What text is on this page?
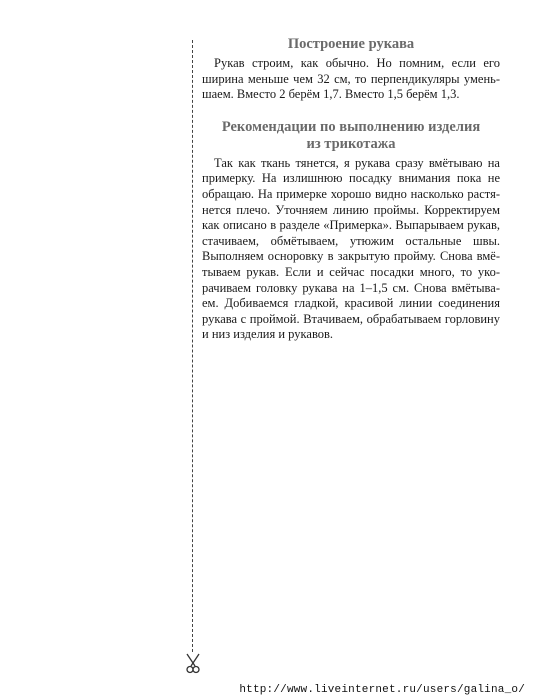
Построение рукава

Рукав строим, как обычно. Но помним, если его
ширина меньше чем 32 см, то перпендикуляры умень-
шаем. Вместо 2 берём 1,7. Вместо 1,5 берём 1,3.

Рекомендации по выполнению изделия
из трикотажа

Так как ткань тянется, я рукава сразу вмётываю на
примерку. На излишнюю посадку внимания пока не
обращаю. На примерке хорошо видно насколько растя-
нется плечо. Уточняем линию проймы. Корректируем
как описано в разделе «Примерка». Выпарываем рукав,
стачиваем, обмётываем, утюжим остальные швы.
Выполняем осноровку в закрытую пройму. Снова вмё-
тываем рукав. Если и сейчас посадки много, то уко-
рачиваем головку рукава на 1–1,5 см. Снова вмётыва-
ем. Добиваемся гладкой, красивой линии соединения
рукава с проймой. Втачиваем, обрабатываем горловину
и низ изделия и рукавов.

http://www.liveinternet.ru/users/galina_o/
